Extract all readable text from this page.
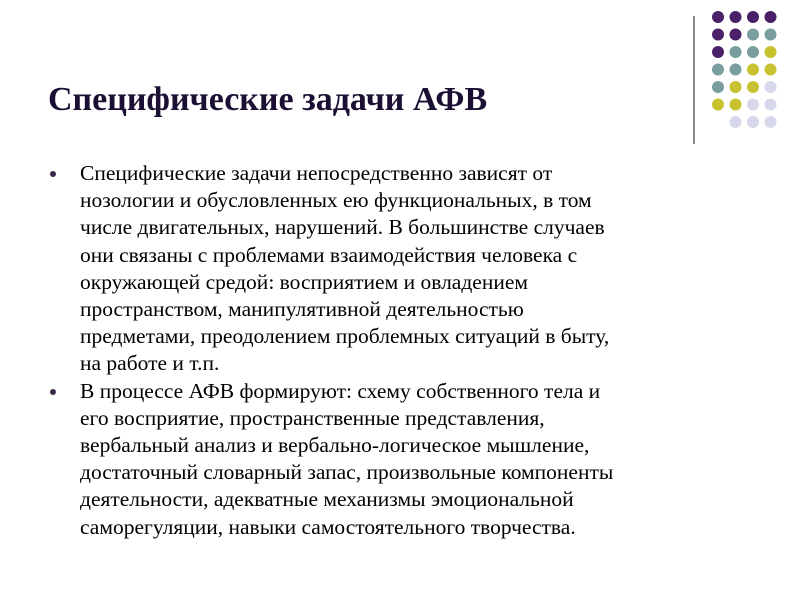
Специфические задачи АФВ
Специфические задачи непосредственно зависят от
нозологии и обусловленных ею функциональных, в том
числе двигательных, нарушений. В большинстве случаев
они связаны с проблемами взаимодействия человека с
окружающей средой: восприятием и овладением
пространством, манипулятивной деятельностью
предметами, преодолением проблемных ситуаций в быту,
на работе и т.п.
В процессе АФВ формируют: схему собственного тела и
его восприятие, пространственные представления,
вербальный анализ и вербально-логическое мышление,
достаточный словарный запас, произвольные компоненты
деятельности, адекватные механизмы эмоциональной
саморегуляции, навыки самостоятельного творчества.
